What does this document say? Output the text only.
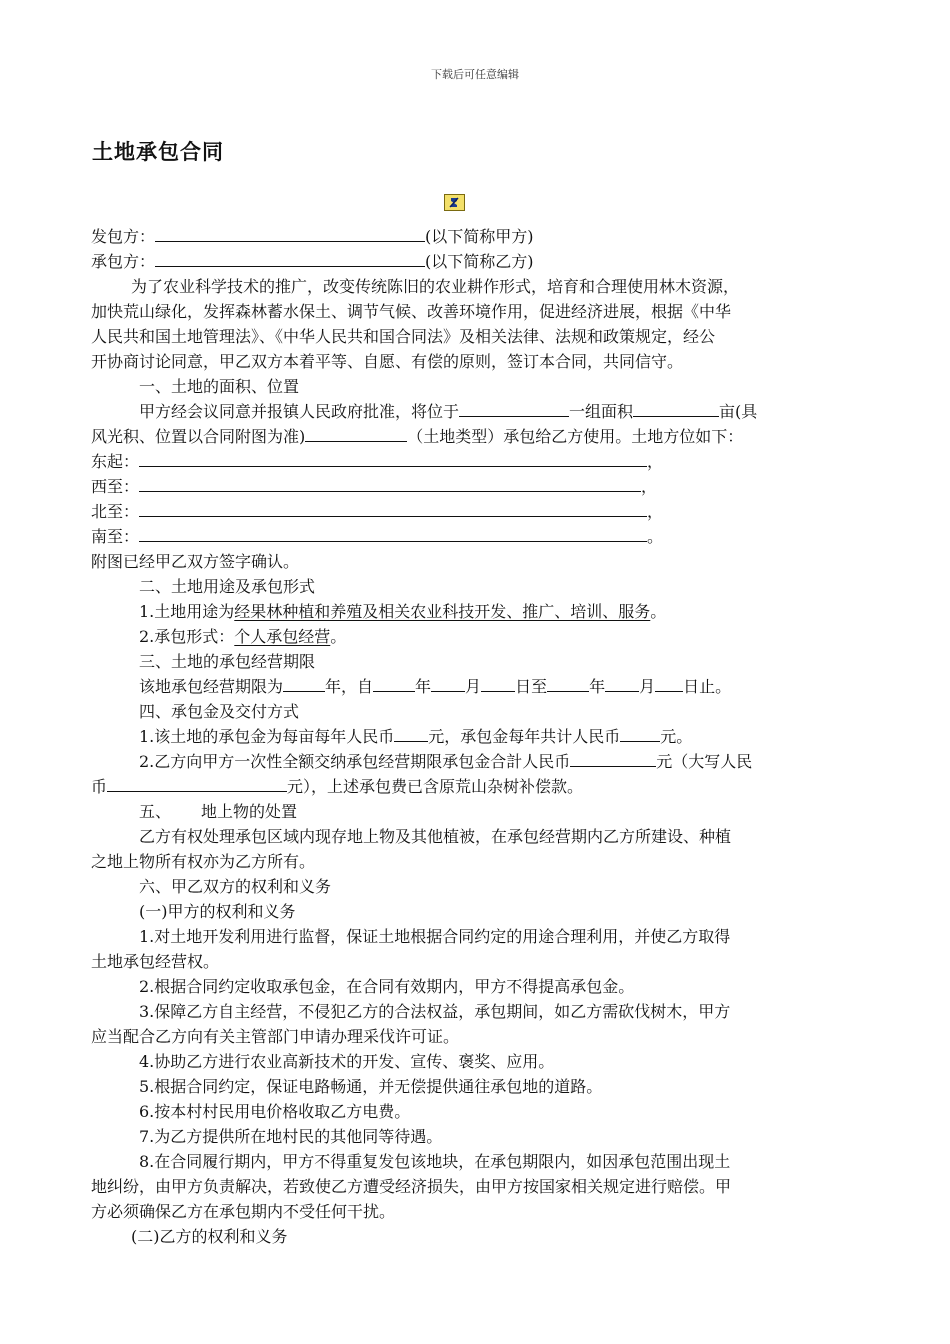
下载后可任意编辑
土地承包合同
发包方：	(以下简称甲方)
承包方：	(以下简称乙方)
为了农业科学技术的推广，改变传统陈旧的农业耕作形式，培育和合理使用林木资源，
加快荒山绿化，发挥森林蓄水保土、调节气候、改善环境作用，促进经济进展，根据《中华
人民共和国土地管理法》、《中华人民共和国合同法》及相关法律、法规和政策规定，经公
开协商讨论同意，甲乙双方本着平等、自愿、有偿的原则，签订本合同，共同信守。
一、土地的面积、位置
甲方经会议同意并报镇人民政府批准，将位于	一组面积	亩(具
风光积、位置以合同附图为准)	（土地类型）承包给乙方使用。土地方位如下：
东起：	，
西至：	，
北至：	，
南至：	。
附图已经甲乙双方签字确认。
二、土地用途及承包形式
1.土地用途为经果林种植和养殖及相关农业科技开发、推广、培训、服务。
2.承包形式：个人承包经营。
三、土地的承包经营期限
该地承包经营期限为	年，自	年 月 日至	年 月 日止。
四、承包金及交付方式
1.该土地的承包金为每亩每年人民币 元，承包金每年共计人民币	元。
2.乙方向甲方一次性全额交纳承包经营期限承包金合計人民币	元（大写人民
币	元），上述承包费已含原荒山杂树补偿款。
五、 地上物的处置
乙方有权处理承包区域内现存地上物及其他植被，在承包经营期内乙方所建设、种植
之地上物所有权亦为乙方所有。
六、甲乙双方的权利和义务
(一)甲方的权利和义务
1.对土地开发利用进行监督，保证土地根据合同约定的用途合理利用，并使乙方取得
土地承包经营权。
2.根据合同约定收取承包金，在合同有效期内，甲方不得提高承包金。
3.保障乙方自主经营，不侵犯乙方的合法权益，承包期间，如乙方需砍伐树木，甲方
应当配合乙方向有关主管部门申请办理采伐许可证。
4.协助乙方进行农业高新技术的开发、宣传、褒奖、应用。
5.根据合同约定，保证电路畅通，并无偿提供通往承包地的道路。
6.按本村村民用电价格收取乙方电费。
7.为乙方提供所在地村民的其他同等待遇。
8.在合同履行期内，甲方不得重复发包该地块，在承包期限内，如因承包范围出现土
地纠纷，由甲方负责解决，若致使乙方遭受经济损失，由甲方按国家相关规定进行赔偿。甲
方必须确保乙方在承包期内不受任何干扰。
(二)乙方的权利和义务
